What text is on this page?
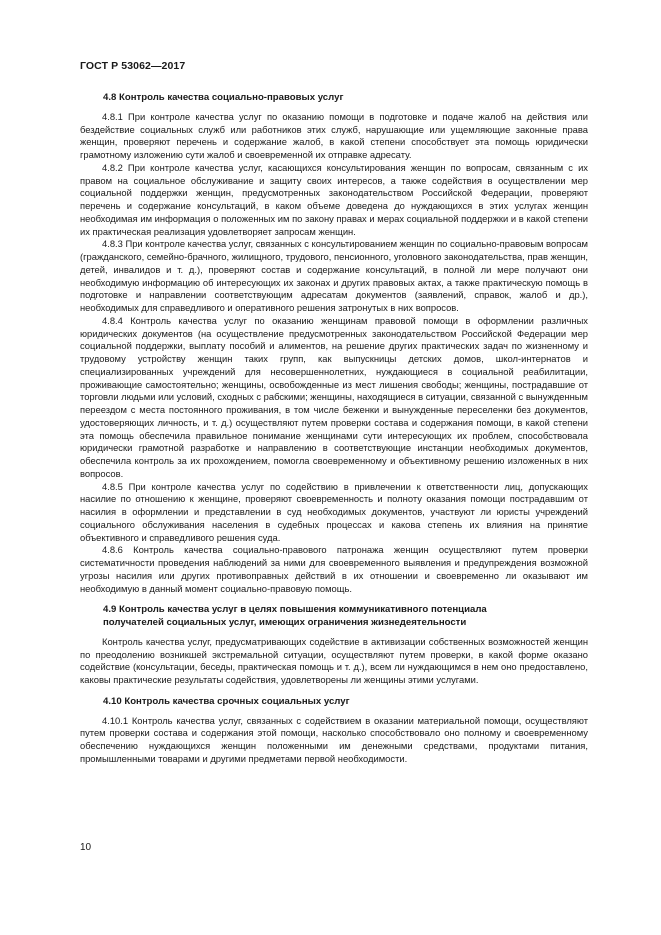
ГОСТ Р 53062—2017
4.8 Контроль качества социально-правовых услуг

4.8.1 При контроле качества услуг по оказанию помощи в подготовке и подаче жалоб на действия или бездействие социальных служб или работников этих служб, нарушающие или ущемляющие законные права женщин, проверяют перечень и содержание жалоб, в какой степени способствует эта помощь юридически грамотному изложению сути жалоб и своевременной их отправке адресату.

4.8.2 При контроле качества услуг, касающихся консультирования женщин по вопросам, связанным с их правом на социальное обслуживание и защиту своих интересов, а также содействия в осуществлении мер социальной поддержки женщин, предусмотренных законодательством Российской Федерации, проверяют перечень и содержание консультаций, в каком объеме доведена до нуждающихся в этих услугах женщин необходимая им информация о положенных им по закону правах и мерах социальной поддержки и в какой степени их практическая реализация удовлетворяет запросам женщин.

4.8.3 При контроле качества услуг, связанных с консультированием женщин по социально-правовым вопросам (гражданского, семейно-брачного, жилищного, трудового, пенсионного, уголовного законодательства, прав женщин, детей, инвалидов и т. д.), проверяют состав и содержание консультаций, в полной ли мере получают они необходимую информацию об интересующих их законах и других правовых актах, а также практическую помощь в подготовке и направлении соответствующим адресатам документов (заявлений, справок, жалоб и др.), необходимых для справедливого и оперативного решения затронутых в них вопросов.

4.8.4 Контроль качества услуг по оказанию женщинам правовой помощи в оформлении различных юридических документов (на осуществление предусмотренных законодательством Российской Федерации мер социальной поддержки, выплату пособий и алиментов, на решение других практических задач по жизненному и трудовому устройству женщин таких групп, как выпускницы детских домов, школ-интернатов и специализированных учреждений для несовершеннолетних, нуждающиеся в социальной реабилитации, проживающие самостоятельно; женщины, освобожденные из мест лишения свободы; женщины, пострадавшие от торговли людьми или условий, сходных с рабскими; женщины, находящиеся в ситуации, связанной с вынужденным переездом с места постоянного проживания, в том числе беженки и вынужденные переселенки без документов, удостоверяющих личность, и т. д.) осуществляют путем проверки состава и содержания помощи, в какой степени эта помощь обеспечила правильное понимание женщинами сути интересующих их проблем, способствовала юридически грамотной разработке и направлению в соответствующие инстанции необходимых документов, обеспечила контроль за их прохождением, помогла своевременному и объективному решению изложенных в них вопросов.

4.8.5 При контроле качества услуг по содействию в привлечении к ответственности лиц, допускающих насилие по отношению к женщине, проверяют своевременность и полноту оказания помощи пострадавшим от насилия в оформлении и представлении в суд необходимых документов, участвуют ли юристы учреждений социального обслуживания населения в судебных процессах и какова степень их влияния на принятие объективного и справедливого решения суда.

4.8.6 Контроль качества социально-правового патронажа женщин осуществляют путем проверки систематичности проведения наблюдений за ними для своевременного выявления и предупреждения возможной угрозы насилия или других противоправных действий в их отношении и своевременно ли оказывают им необходимую в данный момент социально-правовую помощь.

4.9 Контроль качества услуг в целях повышения коммуникативного потенциала
получателей социальных услуг, имеющих ограничения жизнедеятельности

Контроль качества услуг, предусматривающих содействие в активизации собственных возможностей женщин по преодолению возникшей экстремальной ситуации, осуществляют путем проверки, в какой форме оказано содействие (консультации, беседы, практическая помощь и т. д.), всем ли нуждающимся в нем оно предоставлено, каковы практические результаты содействия, удовлетворены ли женщины этими услугами.

4.10 Контроль качества срочных социальных услуг

4.10.1 Контроль качества услуг, связанных с содействием в оказании материальной помощи, осуществляют путем проверки состава и содержания этой помощи, насколько способствовало оно полному и своевременному обеспечению нуждающихся женщин положенными им денежными средствами, продуктами питания, промышленными товарами и другими предметами первой необходимости.

10
